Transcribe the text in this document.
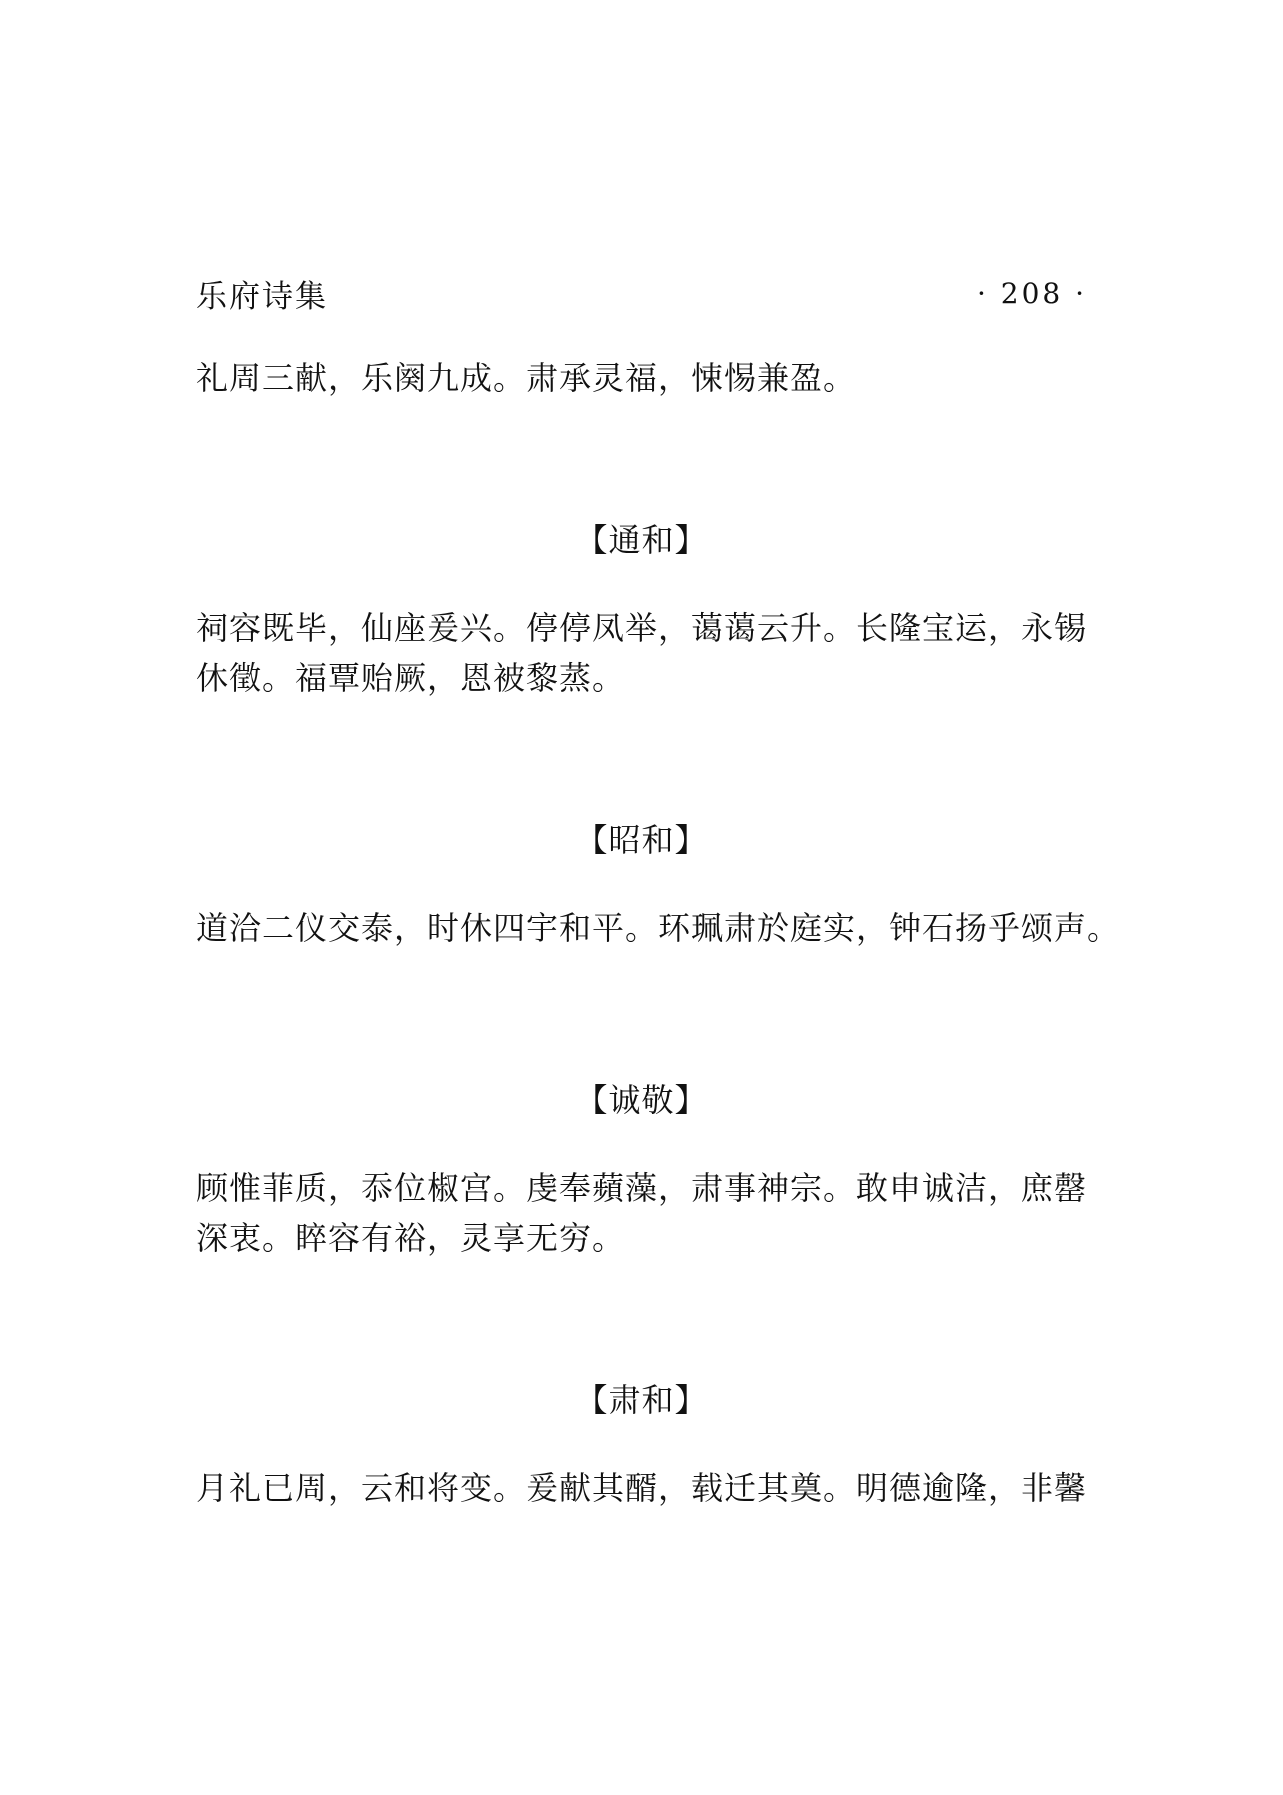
乐府诗集	· 208 ·

礼周三献，乐阕九成。肃承灵福，悚惕兼盈。

【通和】

祠容既毕，仙座爰兴。停停凤举，蔼蔼云升。长隆宝运，永锡
休徵。福覃贻厥，恩被黎蒸。

【昭和】

道洽二仪交泰，时休四宇和平。环珮肃於庭实，钟石扬乎颂声。

【诚敬】

顾惟菲质，忝位椒宫。虔奉蘋藻，肃事神宗。敢申诚洁，庶罄
深衷。睟容有裕，灵享无穷。

【肃和】

月礼已周，云和将变。爰献其醑，载迁其奠。明德逾隆，非馨
